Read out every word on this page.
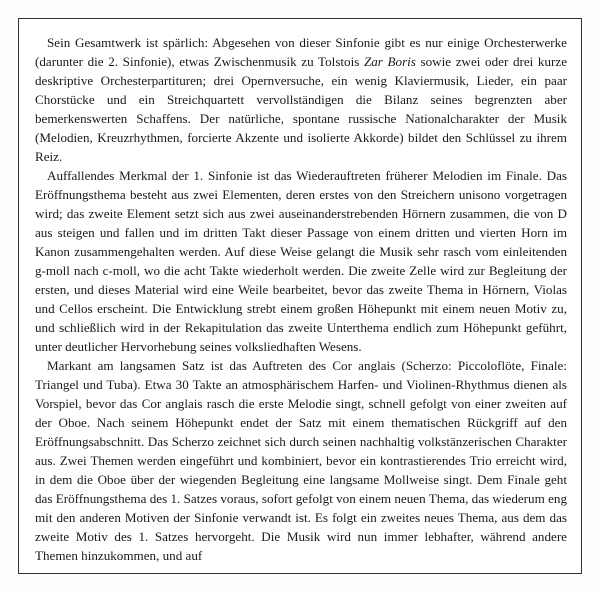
Sein Gesamtwerk ist spärlich: Abgesehen von dieser Sinfonie gibt es nur einige Orchesterwerke (darunter die 2. Sinfonie), etwas Zwischenmusik zu Tolstois Zar Boris sowie zwei oder drei kurze deskriptive Orchesterpartituren; drei Opernversuche, ein wenig Klaviermusik, Lieder, ein paar Chorstücke und ein Streichquartett vervollständigen die Bilanz seines begrenzten aber bemerkenswerten Schaffens. Der natürliche, spontane russische Nationalcharakter der Musik (Melodien, Kreuzrhythmen, forcierte Akzente und isolierte Akkorde) bildet den Schlüssel zu ihrem Reiz.

Auffallendes Merkmal der 1. Sinfonie ist das Wiederauftreten früherer Melodien im Finale. Das Eröffnungsthema besteht aus zwei Elementen, deren erstes von den Streichern unisono vorgetragen wird; das zweite Element setzt sich aus zwei auseinanderstrebenden Hörnern zusammen, die von D aus steigen und fallen und im dritten Takt dieser Passage von einem dritten und vierten Horn im Kanon zusammengehalten werden. Auf diese Weise gelangt die Musik sehr rasch vom einleitenden g-moll nach c-moll, wo die acht Takte wiederholt werden. Die zweite Zelle wird zur Begleitung der ersten, und dieses Material wird eine Weile bearbeitet, bevor das zweite Thema in Hörnern, Violas und Cellos erscheint. Die Entwicklung strebt einem großen Höhepunkt mit einem neuen Motiv zu, und schließlich wird in der Rekapitulation das zweite Unterthema endlich zum Höhepunkt geführt, unter deutlicher Hervorhebung seines volksliedhaften Wesens.

Markant am langsamen Satz ist das Auftreten des Cor anglais (Scherzo: Piccoloflöte, Finale: Triangel und Tuba). Etwa 30 Takte an atmosphärischem Harfen- und Violinen-Rhythmus dienen als Vorspiel, bevor das Cor anglais rasch die erste Melodie singt, schnell gefolgt von einer zweiten auf der Oboe. Nach seinem Höhepunkt endet der Satz mit einem thematischen Rückgriff auf den Eröffnungsabschnitt. Das Scherzo zeichnet sich durch seinen nachhaltig volkstänzerischen Charakter aus. Zwei Themen werden eingeführt und kombiniert, bevor ein kontrastierendes Trio erreicht wird, in dem die Oboe über der wiegenden Begleitung eine langsame Mollweise singt. Dem Finale geht das Eröffnungsthema des 1. Satzes voraus, sofort gefolgt von einem neuen Thema, das wiederum eng mit den anderen Motiven der Sinfonie verwandt ist. Es folgt ein zweites neues Thema, aus dem das zweite Motiv des 1. Satzes hervorgeht. Die Musik wird nun immer lebhafter, während andere Themen hinzukommen, und auf
